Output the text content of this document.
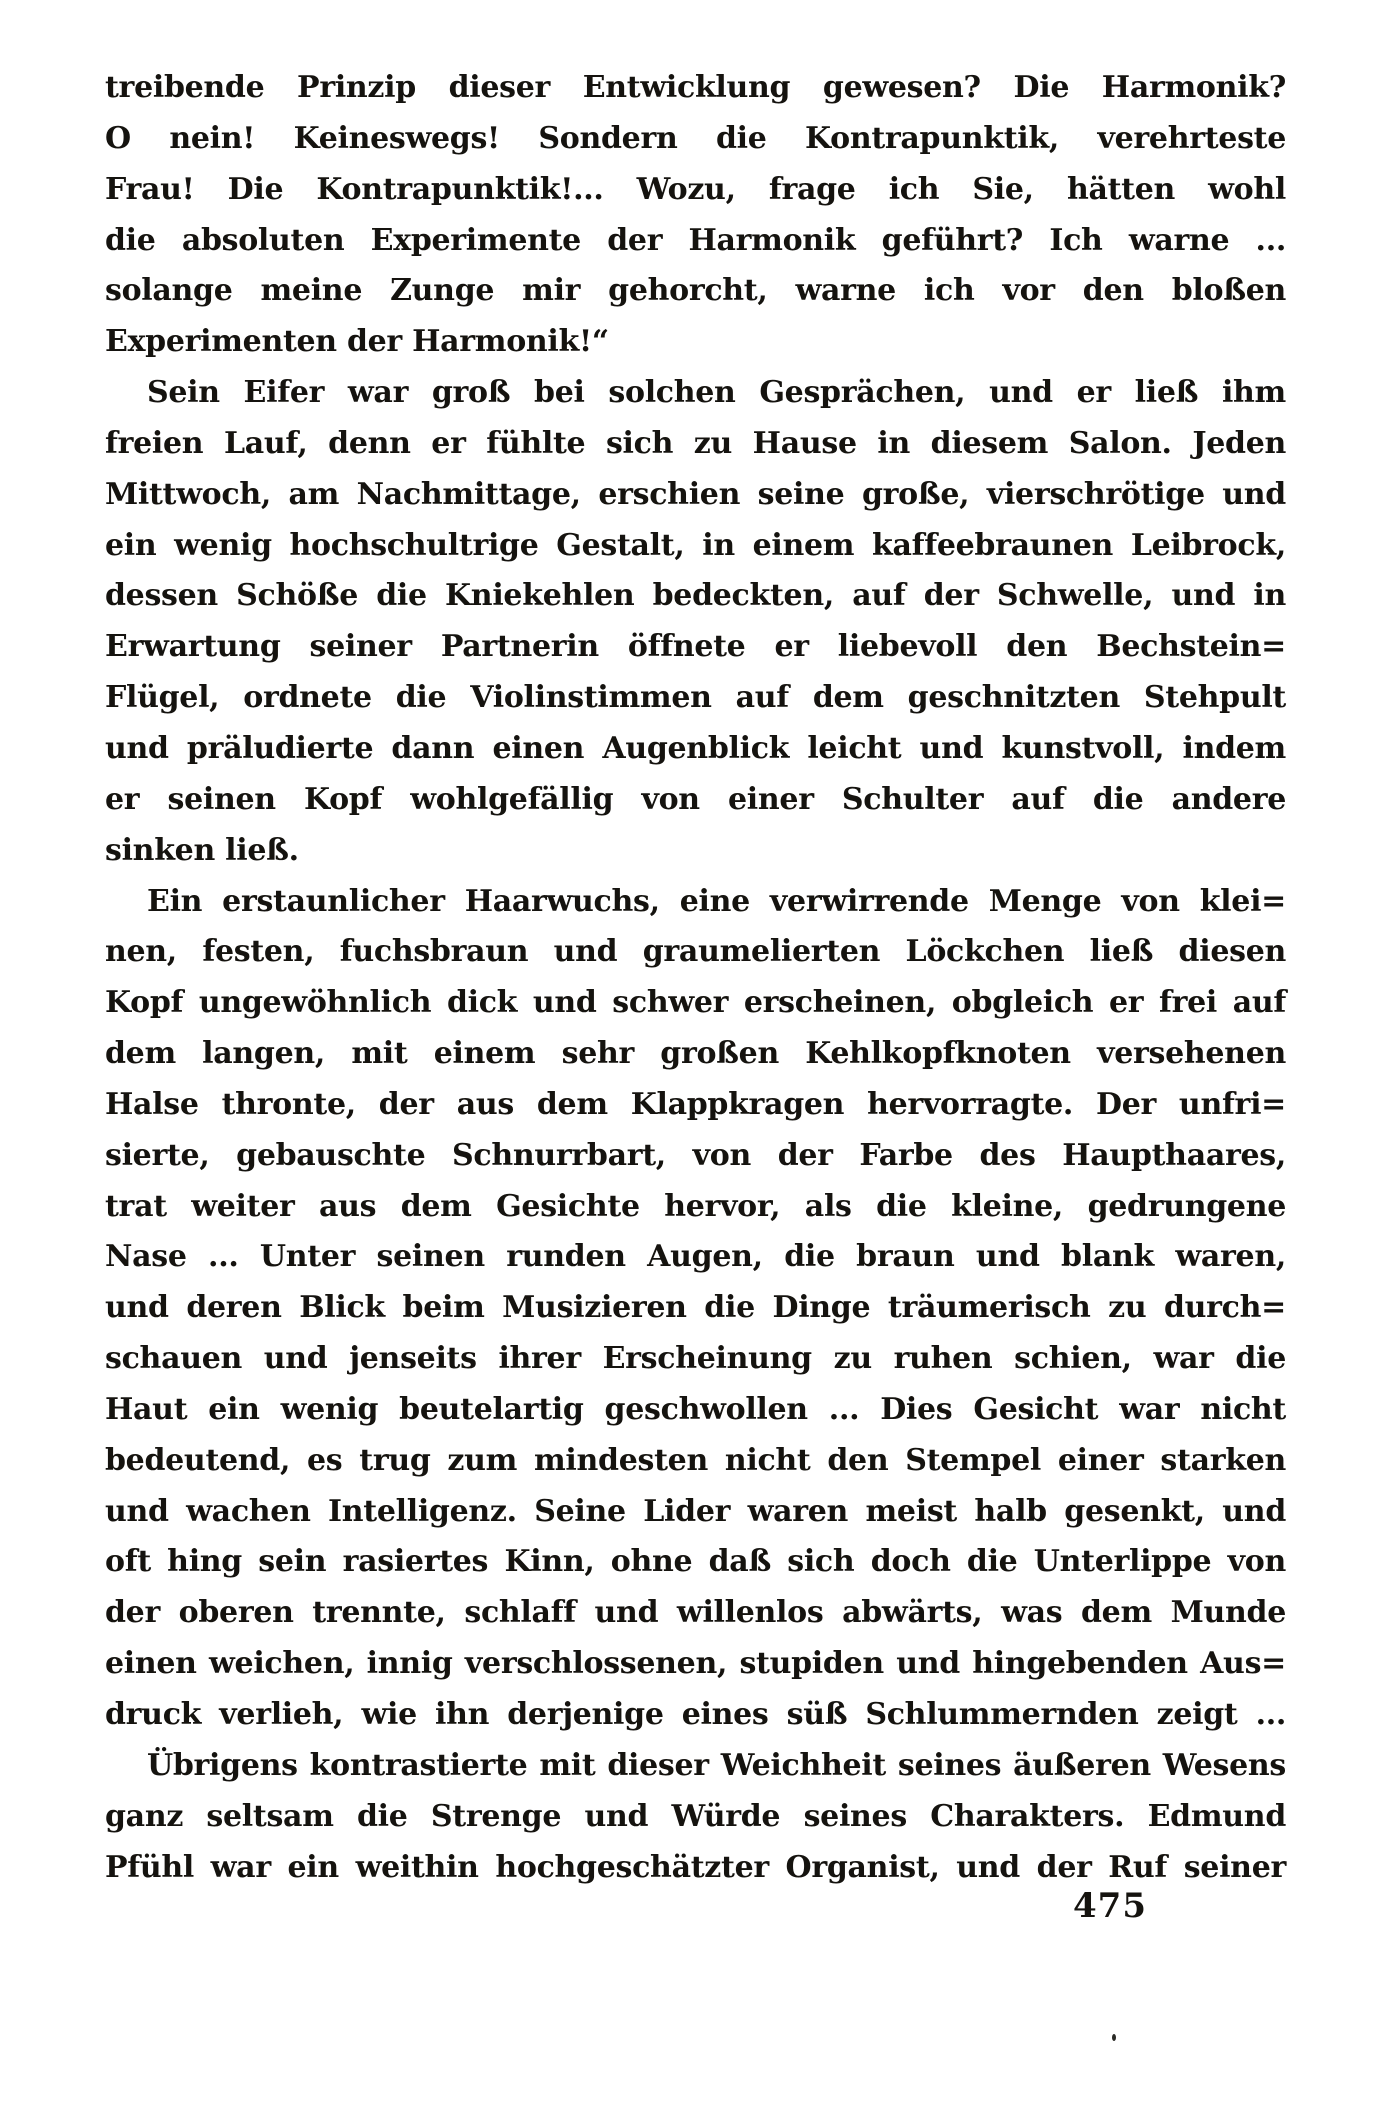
treibende Prinzip dieser Entwicklung gewesen? Die Harmonik?
O nein! Keineswegs! Sondern die Kontrapunktik, verehrteste
Frau! Die Kontrapunktik!... Wozu, frage ich Sie, hätten wohl
die absoluten Experimente der Harmonik geführt? Ich warne ...
solange meine Zunge mir gehorcht, warne ich vor den bloßen
Experimenten der Harmonik!“
Sein Eifer war groß bei solchen Gesprächen, und er ließ ihm
freien Lauf, denn er fühlte sich zu Hause in diesem Salon. Jeden
Mittwoch, am Nachmittage, erschien seine große, vierschrötige und
ein wenig hochschultrige Gestalt, in einem kaffeebraunen Leibrock,
dessen Schöße die Kniekehlen bedeckten, auf der Schwelle, und in
Erwartung seiner Partnerin öffnete er liebevoll den Bechstein=
Flügel, ordnete die Violinstimmen auf dem geschnitzten Stehpult
und präludierte dann einen Augenblick leicht und kunstvoll, indem
er seinen Kopf wohlgefällig von einer Schulter auf die andere
sinken ließ.
Ein erstaunlicher Haarwuchs, eine verwirrende Menge von klei=
nen, festen, fuchsbraun und graumelierten Löckchen ließ diesen
Kopf ungewöhnlich dick und schwer erscheinen, obgleich er frei auf
dem langen, mit einem sehr großen Kehlkopfknoten versehenen
Halse thronte, der aus dem Klappkragen hervorragte. Der unfri=
sierte, gebauschte Schnurrbart, von der Farbe des Haupthaares,
trat weiter aus dem Gesichte hervor, als die kleine, gedrungene
Nase ... Unter seinen runden Augen, die braun und blank waren,
und deren Blick beim Musizieren die Dinge träumerisch zu durch=
schauen und jenseits ihrer Erscheinung zu ruhen schien, war die
Haut ein wenig beutelartig geschwollen ... Dies Gesicht war nicht
bedeutend, es trug zum mindesten nicht den Stempel einer starken
und wachen Intelligenz. Seine Lider waren meist halb gesenkt, und
oft hing sein rasiertes Kinn, ohne daß sich doch die Unterlippe von
der oberen trennte, schlaff und willenlos abwärts, was dem Munde
einen weichen, innig verschlossenen, stupiden und hingebenden Aus=
druck verlieh, wie ihn derjenige eines süß Schlummernden zeigt ...
Übrigens kontrastierte mit dieser Weichheit seines äußeren Wesens
ganz seltsam die Strenge und Würde seines Charakters. Edmund
Pfühl war ein weithin hochgeschätzter Organist, und der Ruf seiner
475
